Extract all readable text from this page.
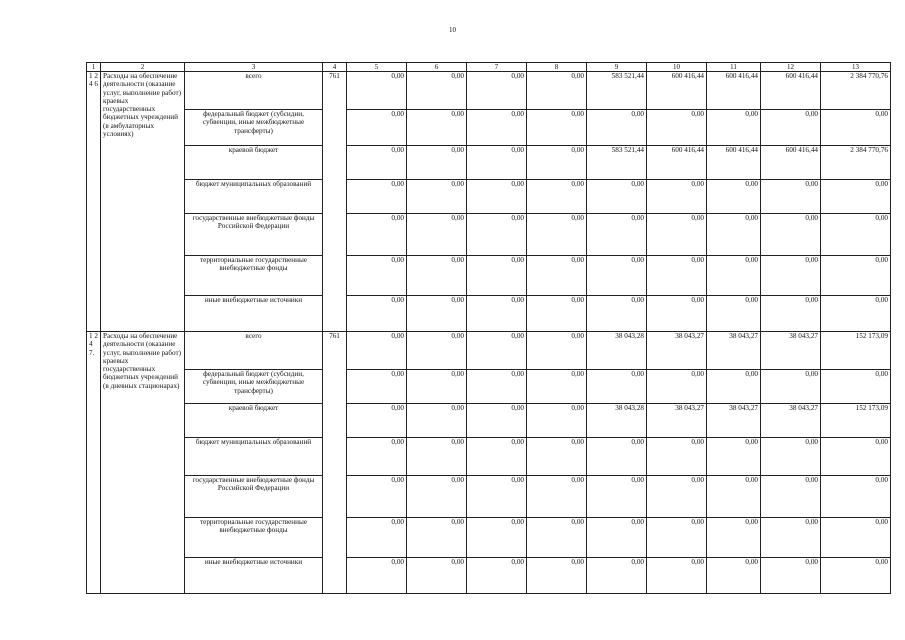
10
1	2	3	4	5	6	7	8	9	10	11	12	13
1 2 4 6	Расходы на обеспечение деятельности (оказание услуг, выполнение работ) краевых государственных бюджетных учреждений (в амбулаторных условиях)	всего	761	0,00	0,00	0,00	0,00	583 521,44	600 416,44	600 416,44	600 416,44	2 384 770,76
		федеральный бюджет (субсидии, субвенции, иные межбюджетные трансферты)		0,00	0,00	0,00	0,00	0,00	0,00	0,00	0,00	0,00
		краевой бюджет		0,00	0,00	0,00	0,00	583 521,44	600 416,44	600 416,44	600 416,44	2 384 770,76
		бюджет муниципальных образований		0,00	0,00	0,00	0,00	0,00	0,00	0,00	0,00	0,00
		государственные внебюджетные фонды Российской Федерации		0,00	0,00	0,00	0,00	0,00	0,00	0,00	0,00	0,00
		территориальные государственные внебюджетные фонды		0,00	0,00	0,00	0,00	0,00	0,00	0,00	0,00	0,00
		иные внебюджетные источники		0,00	0,00	0,00	0,00	0,00	0,00	0,00	0,00	0,00
1 2 4 7.	Расходы на обеспечение деятельности (оказание услуг, выполнение работ) краевых государственных бюджетных учреждений (в дневных стационарах)	всего	761	0,00	0,00	0,00	0,00	38 043,28	38 043,27	38 043,27	38 043,27	152 173,09
		федеральный бюджет (субсидии, субвенции, иные межбюджетные трансферты)		0,00	0,00	0,00	0,00	0,00	0,00	0,00	0,00	0,00
		краевой бюджет		0,00	0,00	0,00	0,00	38 043,28	38 043,27	38 043,27	38 043,27	152 173,09
		бюджет муниципальных образований		0,00	0,00	0,00	0,00	0,00	0,00	0,00	0,00	0,00
		государственные внебюджетные фонды Российской Федерации		0,00	0,00	0,00	0,00	0,00	0,00	0,00	0,00	0,00
		территориальные государственные внебюджетные фонды		0,00	0,00	0,00	0,00	0,00	0,00	0,00	0,00	0,00
		иные внебюджетные источники		0,00	0,00	0,00	0,00	0,00	0,00	0,00	0,00	0,00
